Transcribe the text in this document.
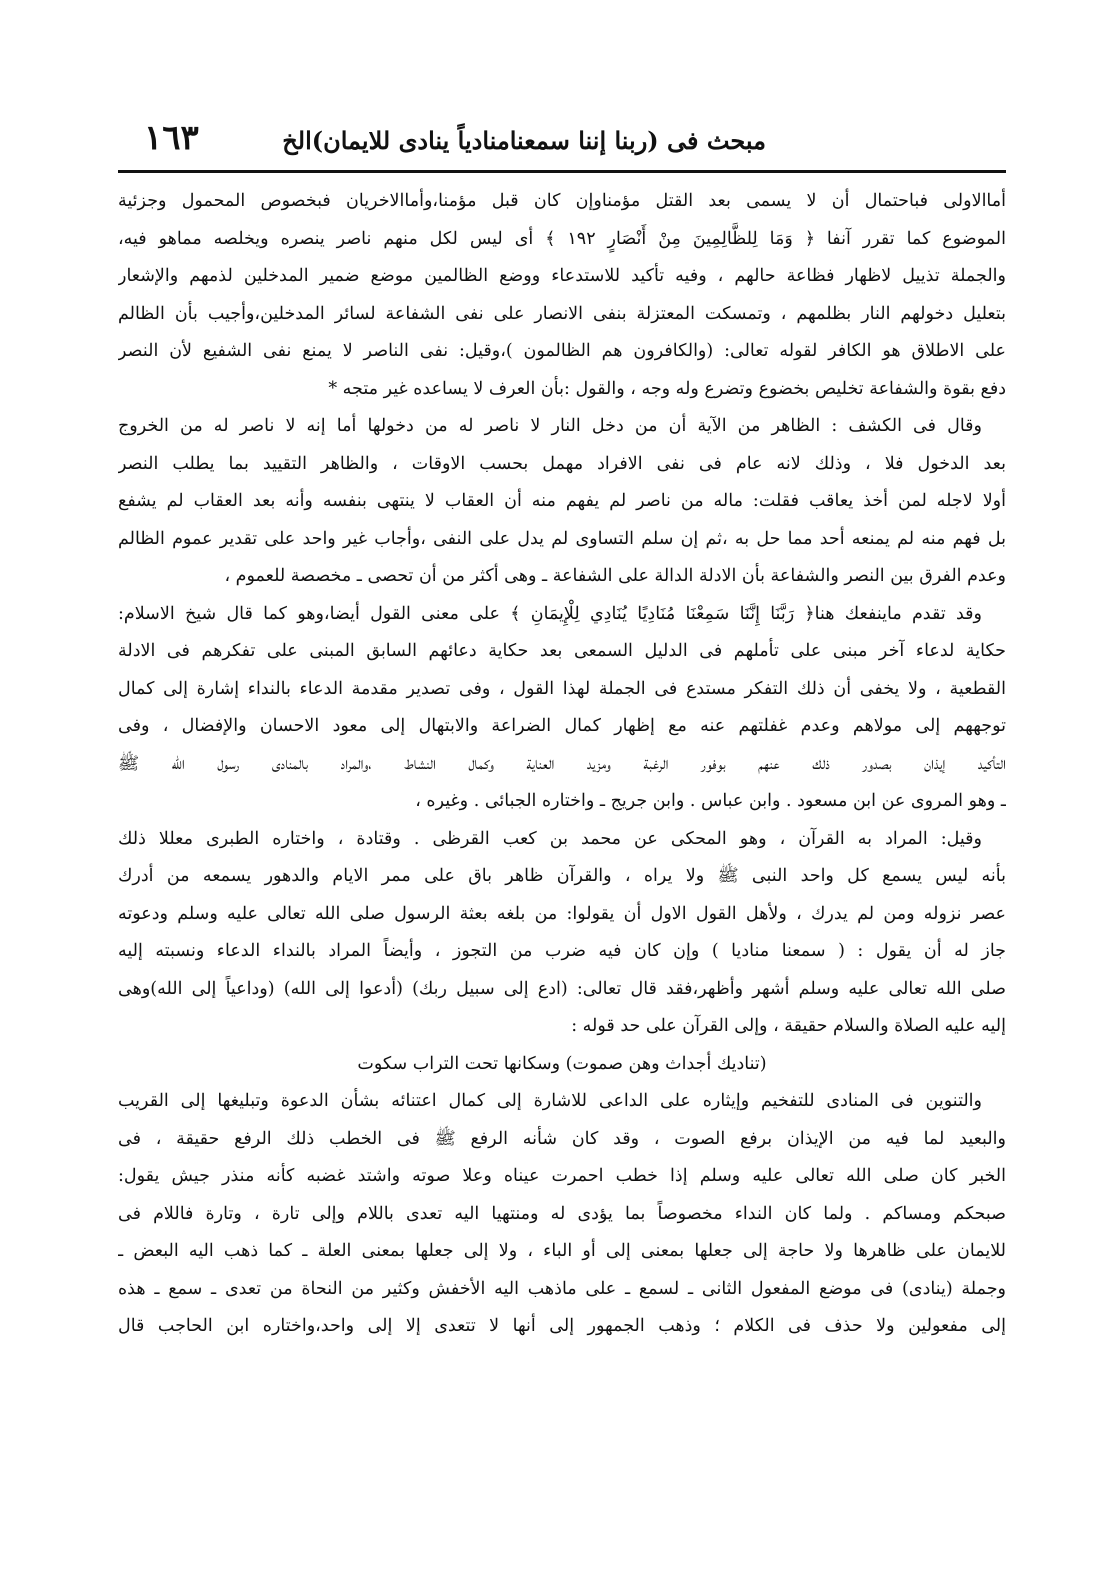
مبحث فى (ربنا إننا سمعنامنادياً ينادى للايمان)الخ
١٦٣
أماالاولى فباحتمال أن لا يسمى بعد القتل مؤمناوإن كان قبل مؤمنا،وأماالاخريان فبخصوص المحمول وجزئية
الموضوع كما تقرر آنفا ﴿ وَمَا لِلظَّالِمِينَ مِنْ أَنْصَارٍ ١٩٢ ﴾ أى ليس لكل منهم ناصر ينصره ويخلصه مماهو فيه،
والجملة تذييل لاظهار فظاعة حالهم ، وفيه تأكيد للاستدعاء ووضع الظالمين موضع ضمير المدخلين لذمهم والإشعار
بتعليل دخولهم النار بظلمهم ، وتمسكت المعتزلة بنفى الانصار على نفى الشفاعة لسائر المدخلين،وأجيب بأن الظالم
على الاطلاق هو الكافر لقوله تعالى: (والكافرون هم الظالمون )،وقيل: نفى الناصر لا يمنع نفى الشفيع لأن النصر
دفع بقوة والشفاعة تخليص بخضوع وتضرع وله وجه ، والقول :بأن العرف لا يساعده غير متجه *
وقال فى الكشف : الظاهر من الآية أن من دخل النار لا ناصر له من دخولها أما إنه لا ناصر له من الخروج
بعد الدخول فلا ، وذلك لانه عام فى نفى الافراد مهمل بحسب الاوقات ، والظاهر التقييد بما يطلب النصر
أولا لاجله لمن أخذ يعاقب فقلت: ماله من ناصر لم يفهم منه أن العقاب لا ينتهى بنفسه وأنه بعد العقاب لم يشفع
بل فهم منه لم يمنعه أحد مما حل به ،ثم إن سلم التساوى لم يدل على النفى ،وأجاب غير واحد على تقدير عموم الظالم
وعدم الفرق بين النصر والشفاعة بأن الادلة الدالة على الشفاعة ـ وهى أكثر من أن تحصى ـ مخصصة للعموم ،
وقد تقدم ماينفعك هنا﴿ رَبَّنَا إِنَّنَا سَمِعْنَا مُنَادِيًا يُنَادِي لِلْإِيمَانِ ﴾ على معنى القول أيضا،وهو كما قال شيخ الاسلام:
حكاية لدعاء آخر مبنى على تأملهم فى الدليل السمعى بعد حكاية دعائهم السابق المبنى على تفكرهم فى الادلة
القطعية ، ولا يخفى أن ذلك التفكر مستدع فى الجملة لهذا القول ، وفى تصدير مقدمة الدعاء بالنداء إشارة إلى كمال
توجههم إلى مولاهم وعدم غفلتهم عنه مع إظهار كمال الضراعة والابتهال إلى معود الاحسان والإفضال ، وفى
التأكيد إيذان بصدور ذلك عنهم بوفور الرغبة ومزيد العناية وكمال النشاط ،والمراد بالمنادى رسول الله ﷺ
ـ وهو المروى عن ابن مسعود . وابن عباس . وابن جريج ـ واختاره الجبائى . وغيره ،
وقيل: المراد به القرآن ، وهو المحكى عن محمد بن كعب القرظى . وقتادة ، واختاره الطبرى معللا ذلك
بأنه ليس يسمع كل واحد النبى ﷺ ولا يراه ، والقرآن ظاهر باق على ممر الايام والدهور يسمعه من أدرك
عصر نزوله ومن لم يدرك ، ولأهل القول الاول أن يقولوا: من بلغه بعثة الرسول صلى الله تعالى عليه وسلم ودعوته
جاز له أن يقول : ( سمعنا مناديا ) وإن كان فيه ضرب من التجوز ، وأيضاً المراد بالنداء الدعاء ونسبته إليه
صلى الله تعالى عليه وسلم أشهر وأظهر،فقد قال تعالى: (ادع إلى سبيل ربك) (أدعوا إلى الله) (وداعياً إلى الله)وهى
إليه عليه الصلاة والسلام حقيقة ، وإلى القرآن على حد قوله :
(تناديك أجداث وهن صموت) وسكانها تحت التراب سكوت
والتنوين فى المنادى للتفخيم وإيثاره على الداعى للاشارة إلى كمال اعتنائه بشأن الدعوة وتبليغها إلى القريب
والبعيد لما فيه من الإيذان برفع الصوت ، وقد كان شأنه الرفع ﷺ فى الخطب ذلك الرفع حقيقة ، فى
الخبر كان صلى الله تعالى عليه وسلم إذا خطب احمرت عيناه وعلا صوته واشتد غضبه كأنه منذر جيش يقول:
صبحكم ومساكم . ولما كان النداء مخصوصاً بما يؤدى له ومنتهيا اليه تعدى باللام وإلى تارة ، وتارة فاللام فى
للايمان على ظاهرها ولا حاجة إلى جعلها بمعنى إلى أو الباء ، ولا إلى جعلها بمعنى العلة ـ كما ذهب اليه البعض ـ
وجملة (ينادى) فى موضع المفعول الثانى ـ لسمع ـ على ماذهب اليه الأخفش وكثير من النحاة من تعدى ـ سمع ـ هذه
إلى مفعولين ولا حذف فى الكلام ؛ وذهب الجمهور إلى أنها لا تتعدى إلا إلى واحد،واختاره ابن الحاجب قال
